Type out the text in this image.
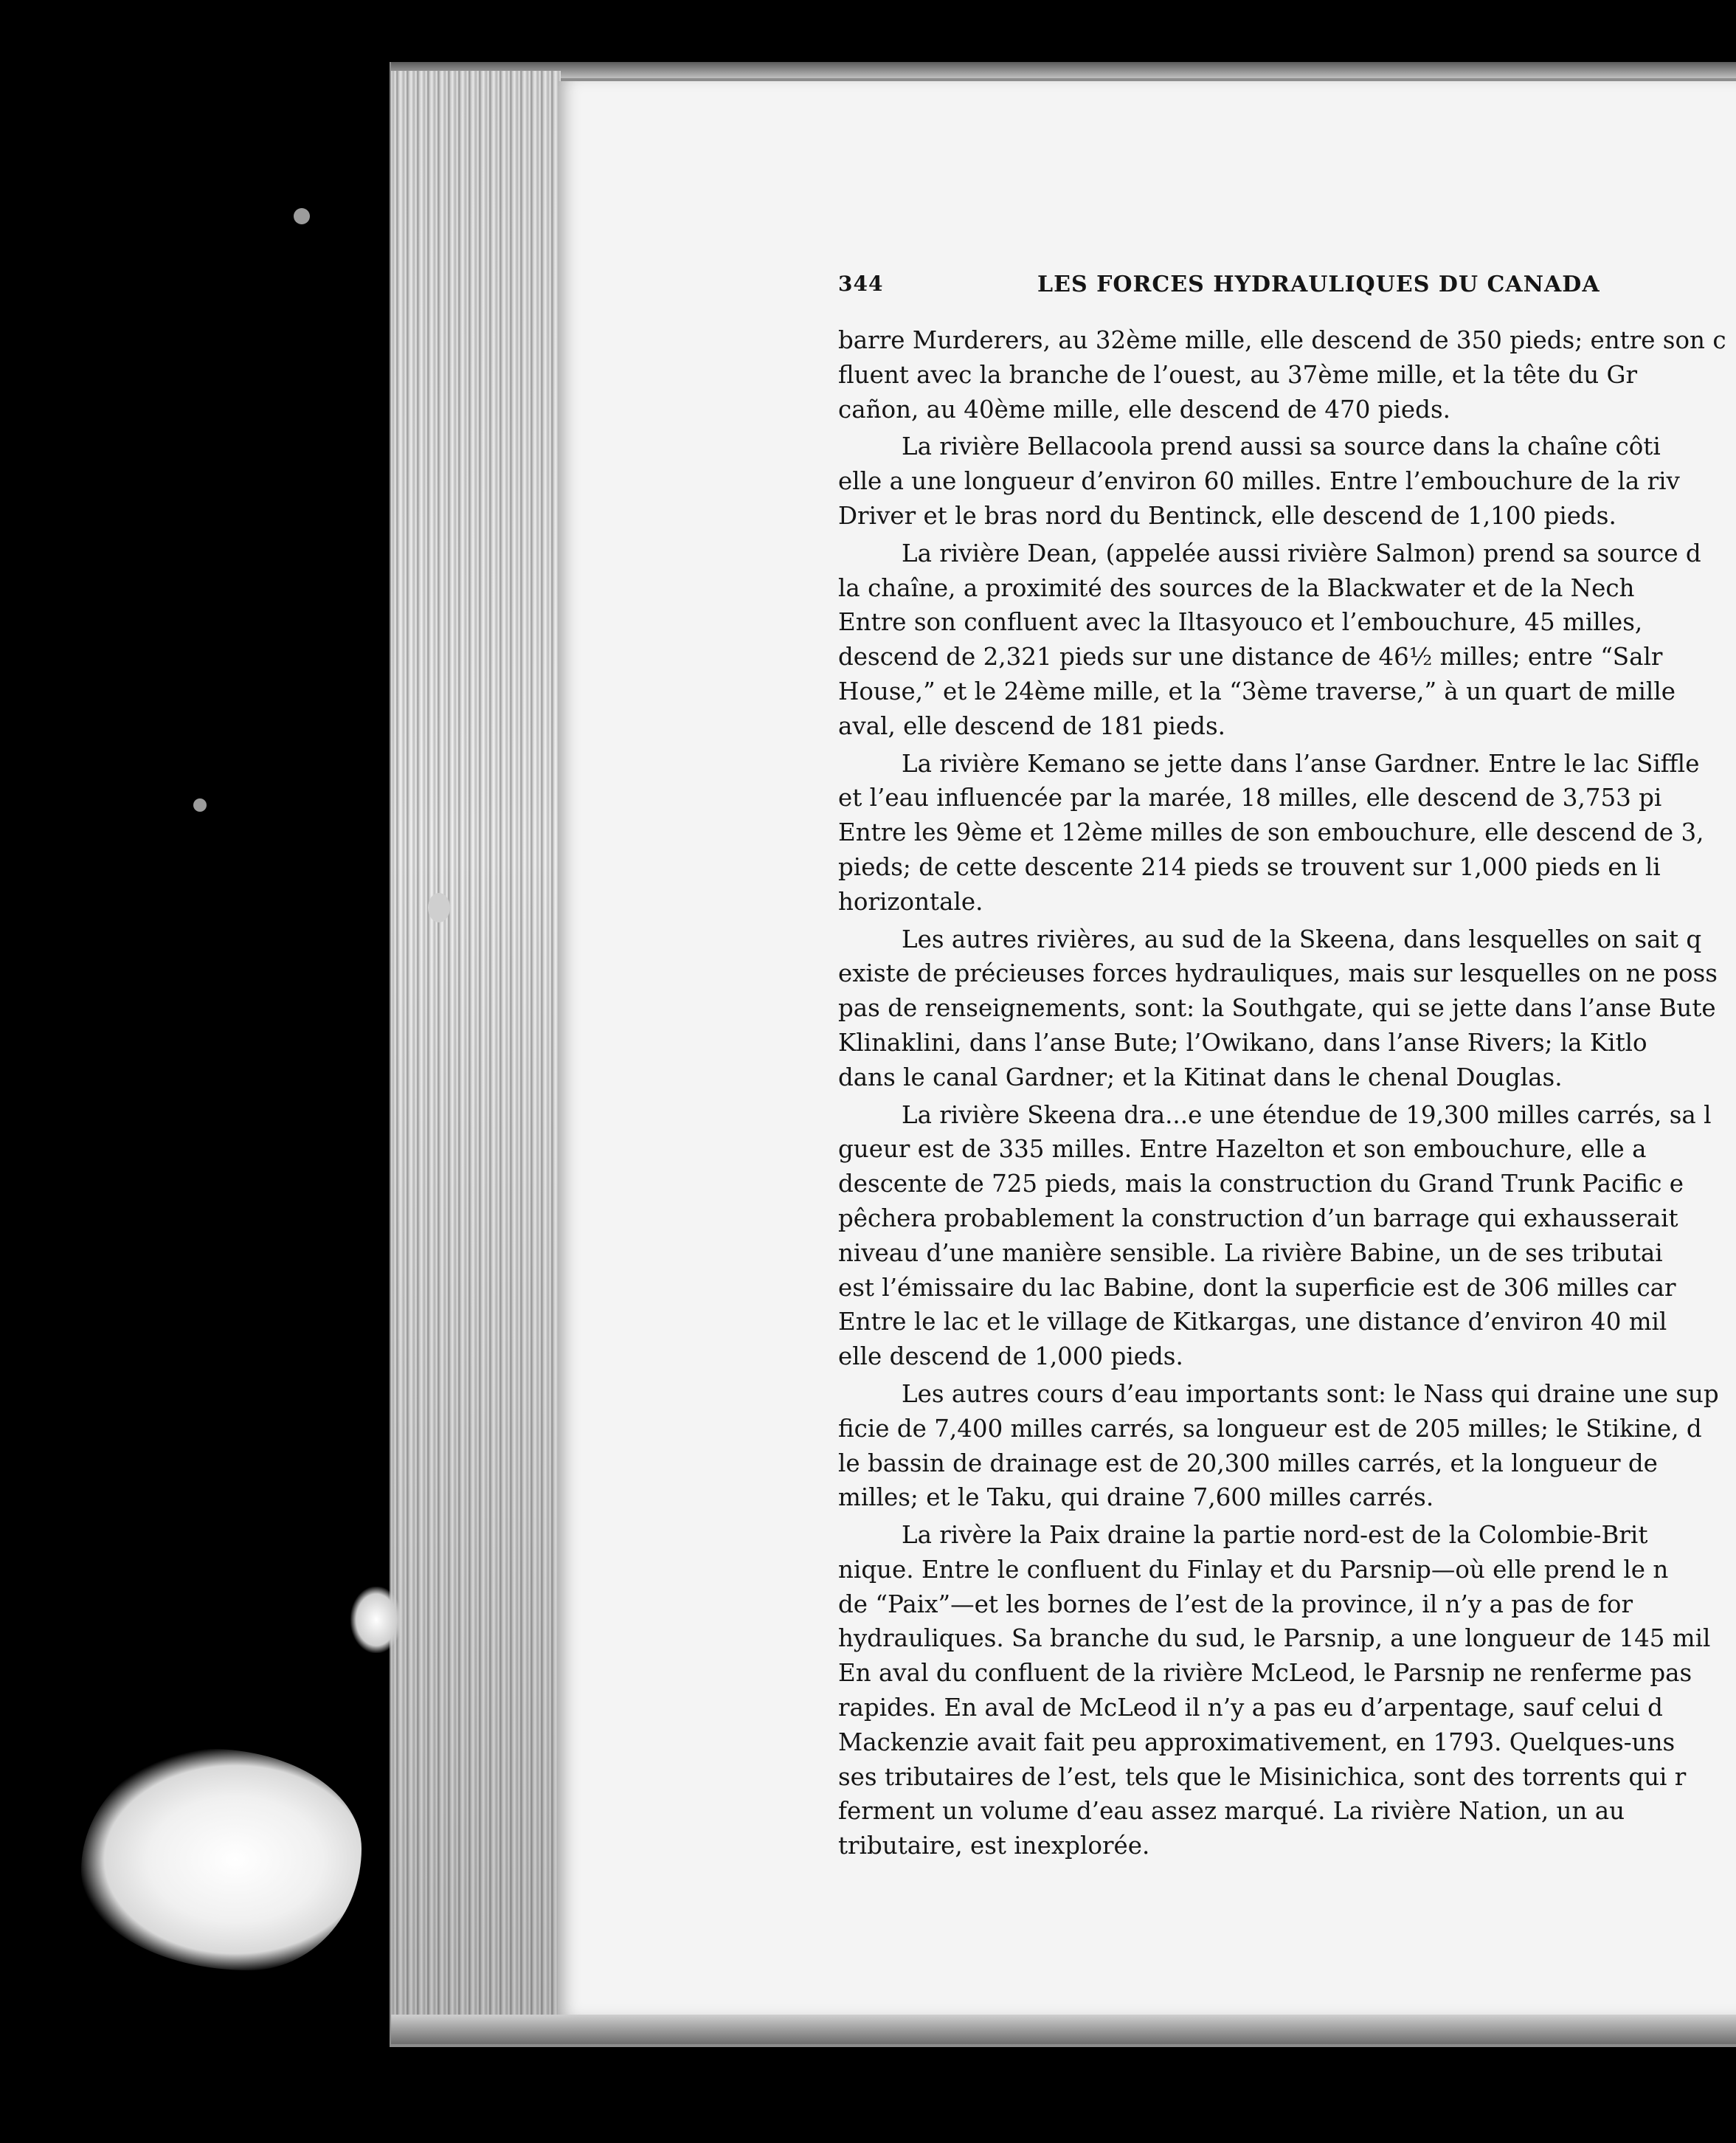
344	LES FORCES HYDRAULIQUES DU CANADA
barre Murderers, au 32ème mille, elle descend de 350 pieds; entre son c
fluent avec la branche de l’ouest, au 37ème mille, et la tête du Gr
cañon, au 40ème mille, elle descend de 470 pieds.
La rivière Bellacoola prend aussi sa source dans la chaîne côti
elle a une longueur d’environ 60 milles. Entre l’embouchure de la riv
Driver et le bras nord du Bentinck, elle descend de 1,100 pieds.
La rivière Dean, (appelée aussi rivière Salmon) prend sa source d
la chaîne, a proximité des sources de la Blackwater et de la Nech
Entre son confluent avec la Iltasyouco et l’embouchure, 45 milles,
descend de 2,321 pieds sur une distance de 46½ milles; entre “Salr
House,” et le 24ème mille, et la “3ème traverse,” à un quart de mille
aval, elle descend de 181 pieds.
La rivière Kemano se jette dans l’anse Gardner. Entre le lac Siffle
et l’eau influencée par la marée, 18 milles, elle descend de 3,753 pi
Entre les 9ème et 12ème milles de son embouchure, elle descend de 3,
pieds; de cette descente 214 pieds se trouvent sur 1,000 pieds en li
horizontale.
Les autres rivières, au sud de la Skeena, dans lesquelles on sait q
existe de précieuses forces hydrauliques, mais sur lesquelles on ne poss
pas de renseignements, sont: la Southgate, qui se jette dans l’anse Bute
Klinaklini, dans l’anse Bute; l’Owikano, dans l’anse Rivers; la Kitlo
dans le canal Gardner; et la Kitinat dans le chenal Douglas.
La rivière Skeena dra...e une étendue de 19,300 milles carrés, sa l
gueur est de 335 milles. Entre Hazelton et son embouchure, elle a
descente de 725 pieds, mais la construction du Grand Trunk Pacific e
pêchera probablement la construction d’un barrage qui exhausserait
niveau d’une manière sensible. La rivière Babine, un de ses tributai
est l’émissaire du lac Babine, dont la superficie est de 306 milles car
Entre le lac et le village de Kitkargas, une distance d’environ 40 mil
elle descend de 1,000 pieds.
Les autres cours d’eau importants sont: le Nass qui draine une sup
ficie de 7,400 milles carrés, sa longueur est de 205 milles; le Stikine, d
le bassin de drainage est de 20,300 milles carrés, et la longueur de
milles; et le Taku, qui draine 7,600 milles carrés.
La rivère la Paix draine la partie nord-est de la Colombie-Brit
nique. Entre le confluent du Finlay et du Parsnip—où elle prend le n
de “Paix”—et les bornes de l’est de la province, il n’y a pas de for
hydrauliques. Sa branche du sud, le Parsnip, a une longueur de 145 mil
En aval du confluent de la rivière McLeod, le Parsnip ne renferme pas
rapides. En aval de McLeod il n’y a pas eu d’arpentage, sauf celui d
Mackenzie avait fait peu approximativement, en 1793. Quelques-uns
ses tributaires de l’est, tels que le Misinichica, sont des torrents qui r
ferment un volume d’eau assez marqué. La rivière Nation, un au
tributaire, est inexplorée.
